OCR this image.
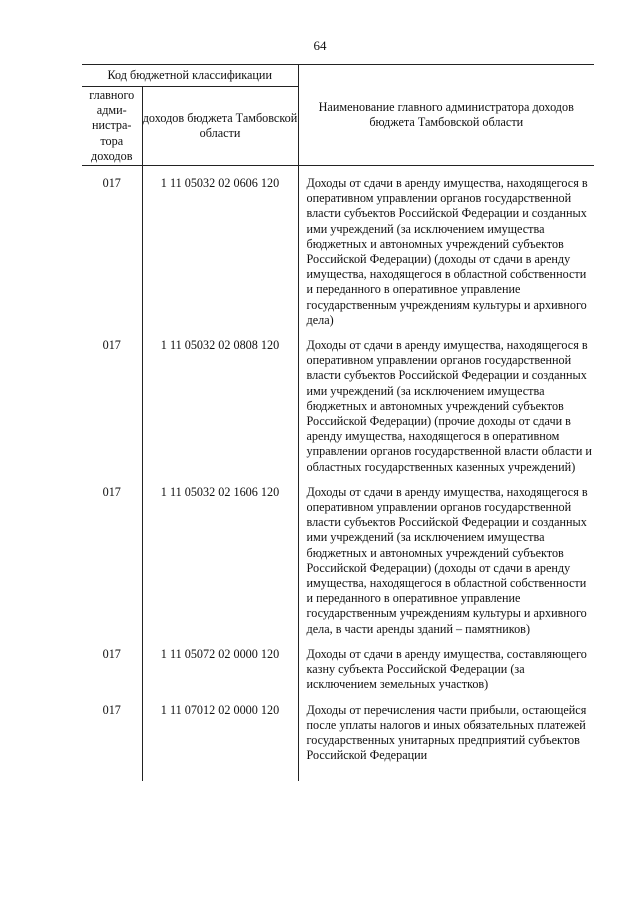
64
Код бюджетной классификации		Наименование главного администратора доходов бюджета Тамбовской области
главного адми-нистра-тора доходов	доходов бюджета Тамбовской области	
017	1 11 05032 02 0606 120	Доходы от сдачи в аренду имущества, находящегося в оперативном управлении органов государственной власти субъектов Российской Федерации и созданных ими учреждений (за исключением имущества бюджетных и автономных учреждений субъектов Российской Федерации) (доходы от сдачи в аренду имущества, находящегося в областной собственности и переданного в оперативное управление государственным учреждениям культуры и архивного дела)
017	1 11 05032 02 0808 120	Доходы от сдачи в аренду имущества, находящегося в оперативном управлении органов государственной власти субъектов Российской Федерации и созданных ими учреждений (за исключением имущества бюджетных и автономных учреждений субъектов Российской Федерации) (прочие доходы от сдачи в аренду имущества, находящегося в оперативном управлении органов государственной власти области и областных государственных казенных учреждений)
017	1 11 05032 02 1606 120	Доходы от сдачи в аренду имущества, находящегося в оперативном управлении органов государственной власти субъектов Российской Федерации и созданных ими учреждений (за исключением имущества бюджетных и автономных учреждений субъектов Российской Федерации) (доходы от сдачи в аренду имущества, находящегося в областной собственности и переданного в оперативное управление государственным учреждениям культуры и архивного дела, в части аренды зданий – памятников)
017	1 11 05072 02 0000 120	Доходы от сдачи в аренду имущества, составляющего казну субъекта Российской Федерации (за исключением земельных участков)
017	1 11 07012 02 0000 120	Доходы от перечисления части прибыли, остающейся после уплаты налогов и иных обязательных платежей государственных унитарных предприятий субъектов Российской Федерации
